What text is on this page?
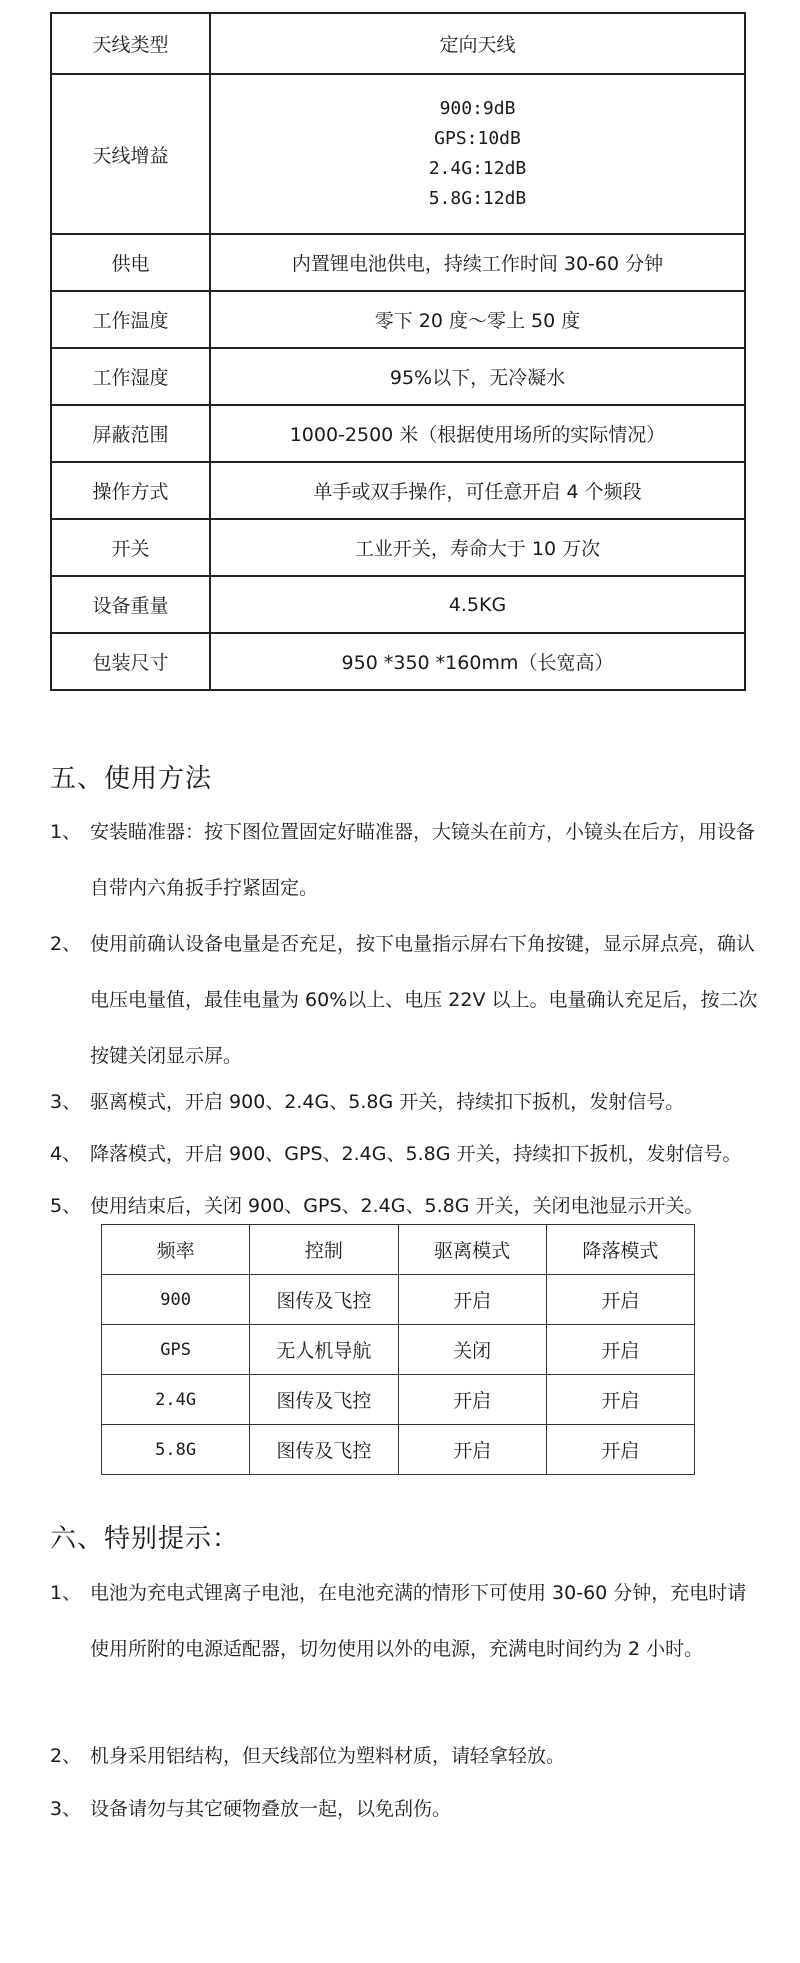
天线类型	定向天线
天线增益	900:9dB
GPS:10dB
2.4G:12dB
5.8G:12dB

供电	内置锂电池供电，持续工作时间 30-60 分钟
工作温度	零下 20 度～零上 50 度
工作湿度	95%以下，无冷凝水
屏蔽范围	1000-2500 米（根据使用场所的实际情况）
操作方式	单手或双手操作，可任意开启 4 个频段
开关	工业开关，寿命大于 10 万次
设备重量	4.5KG
包装尺寸	950 *350 *160mm（长宽高）
五、使用方法
1、 安装瞄准器：按下图位置固定好瞄准器，大镜头在前方，小镜头在后方，用设备自带内六角扳手拧紧固定。
2、 使用前确认设备电量是否充足，按下电量指示屏右下角按键，显示屏点亮，确认电压电量值，最佳电量为 60%以上、电压 22V 以上。电量确认充足后，按二次按键关闭显示屏。
3、 驱离模式，开启 900、2.4G、5.8G 开关，持续扣下扳机，发射信号。
4、 降落模式，开启 900、GPS、2.4G、5.8G 开关，持续扣下扳机，发射信号。
5、 使用结束后，关闭 900、GPS、2.4G、5.8G 开关，关闭电池显示开关。
频率	控制	驱离模式	降落模式
900	图传及飞控	开启	开启
GPS	无人机导航	关闭	开启
2.4G	图传及飞控	开启	开启
5.8G	图传及飞控	开启	开启
六、特别提示：
1、 电池为充电式锂离子电池，在电池充满的情形下可使用 30-60 分钟，充电时请使用所附的电源适配器，切勿使用以外的电源，充满电时间约为 2 小时。
2、 机身采用铝结构，但天线部位为塑料材质，请轻拿轻放。
3、 设备请勿与其它硬物叠放一起，以免刮伤。
